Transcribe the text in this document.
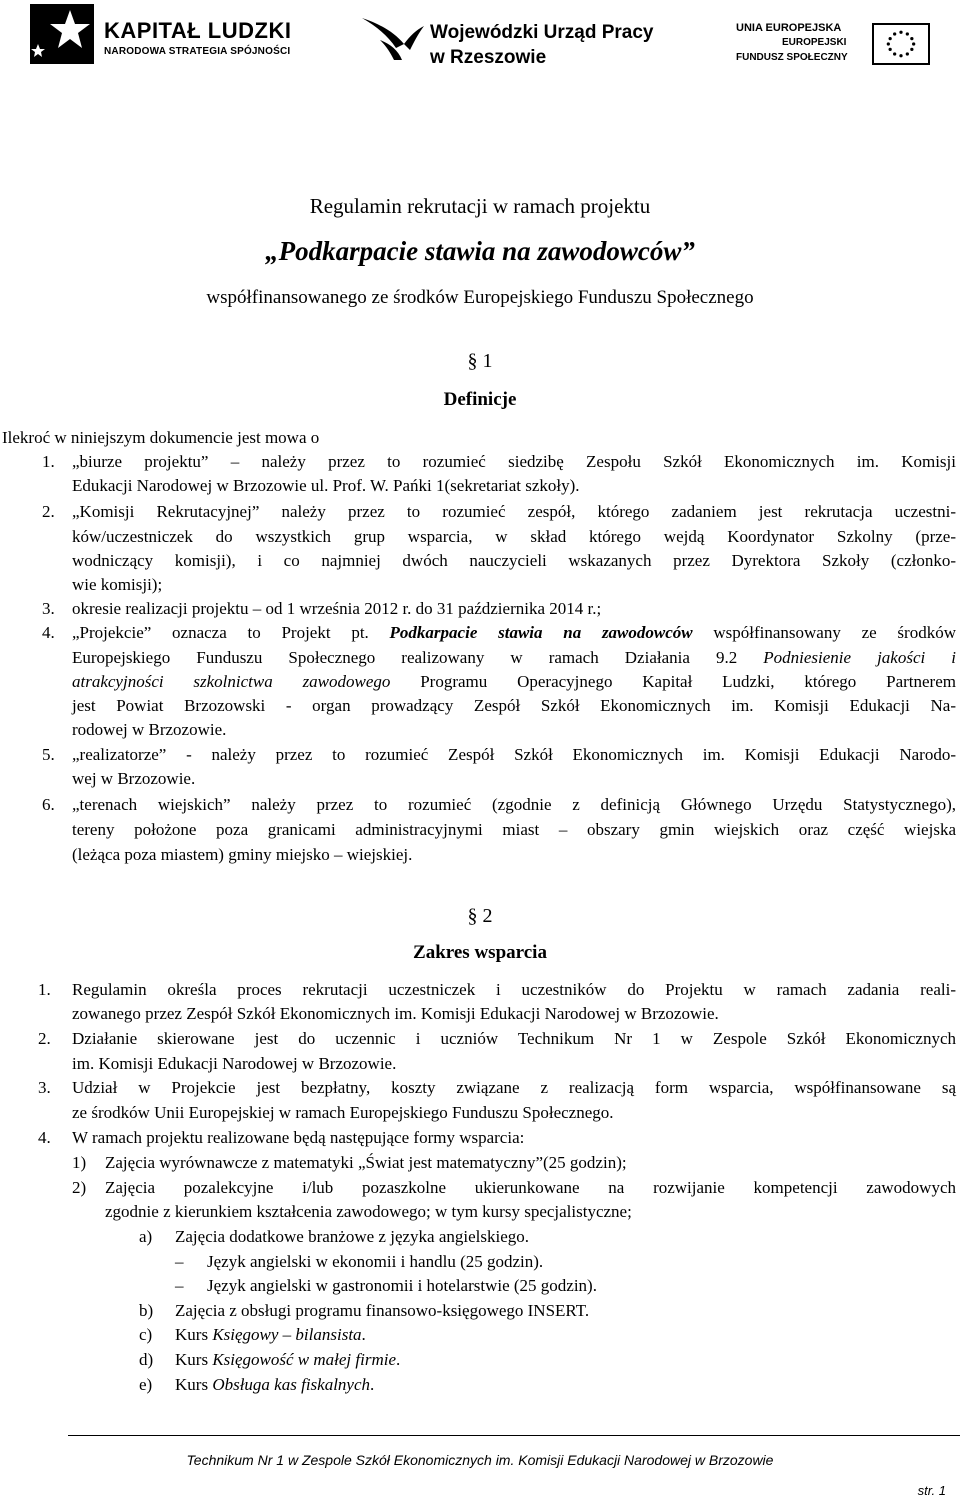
KAPITAŁ LUDZKI
NARODOWA STRATEGIA SPÓJNOŚCI
Wojewódzki Urząd Pracy
w Rzeszowie
UNIA EUROPEJSKA
EUROPEJSKI
FUNDUSZ SPOŁECZNY
Regulamin rekrutacji w ramach projektu
„Podkarpacie stawia na zawodowców”
współfinansowanego ze środków Europejskiego Funduszu Społecznego
§ 1
Definicje
Ilekroć w niniejszym dokumencie jest mowa o
1. „biurze projektu” – należy przez to rozumieć siedzibę Zespołu Szkół Ekonomicznych im. Komisji
Edukacji Narodowej w Brzozowie ul. Prof. W. Pańki 1(sekretariat szkoły).
2. „Komisji Rekrutacyjnej” należy przez to rozumieć zespół, którego zadaniem jest rekrutacja uczestni-
ków/uczestniczek do wszystkich grup wsparcia, w skład którego wejdą Koordynator Szkolny (prze-
wodniczący komisji), i co najmniej dwóch nauczycieli wskazanych przez Dyrektora Szkoły (członko-
wie komisji);
3. okresie realizacji projektu – od 1 września 2012 r. do 31 października 2014 r.;
4. „Projekcie” oznacza to Projekt pt. Podkarpacie stawia na zawodowców współfinansowany ze środków
Europejskiego Funduszu Społecznego realizowany w ramach Działania 9.2 Podniesienie jakości i
atrakcyjności szkolnictwa zawodowego Programu Operacyjnego Kapitał Ludzki, którego Partnerem
jest Powiat Brzozowski - organ prowadzący Zespół Szkół Ekonomicznych im. Komisji Edukacji Na-
rodowej w Brzozowie.
5. „realizatorze” - należy przez to rozumieć Zespół Szkół Ekonomicznych im. Komisji Edukacji Narodo-
wej w Brzozowie.
6. „terenach wiejskich” należy przez to rozumieć (zgodnie z definicją Głównego Urzędu Statystycznego),
tereny położone poza granicami administracyjnymi miast – obszary gmin wiejskich oraz część wiejska
(leżąca poza miastem) gminy miejsko – wiejskiej.
§ 2
Zakres wsparcia
1. Regulamin określa proces rekrutacji uczestniczek i uczestników do Projektu w ramach zadania reali-
zowanego przez Zespół Szkół Ekonomicznych im. Komisji Edukacji Narodowej w Brzozowie.
2. Działanie skierowane jest do uczennic i uczniów Technikum Nr 1 w Zespole Szkół Ekonomicznych
im. Komisji Edukacji Narodowej w Brzozowie.
3. Udział w Projekcie jest bezpłatny, koszty związane z realizacją form wsparcia, współfinansowane są
ze środków Unii Europejskiej w ramach Europejskiego Funduszu Społecznego.
4. W ramach projektu realizowane będą następujące formy wsparcia:
1) Zajęcia wyrównawcze z matematyki „Świat jest matematyczny”(25 godzin);
2) Zajęcia pozalekcyjne i/lub pozaszkolne ukierunkowane na rozwijanie kompetencji zawodowych
zgodnie z kierunkiem kształcenia zawodowego; w tym kursy specjalistyczne;
a) Zajęcia dodatkowe branżowe z języka angielskiego.
– Język angielski w ekonomii i handlu (25 godzin).
– Język angielski w gastronomii i hotelarstwie (25 godzin).
b) Zajęcia z obsługi programu finansowo-księgowego INSERT.
c) Kurs Księgowy – bilansista.
d) Kurs Księgowość w małej firmie.
e) Kurs Obsługa kas fiskalnych.
Technikum Nr 1 w Zespole Szkół Ekonomicznych im. Komisji Edukacji Narodowej w Brzozowie
str. 1
